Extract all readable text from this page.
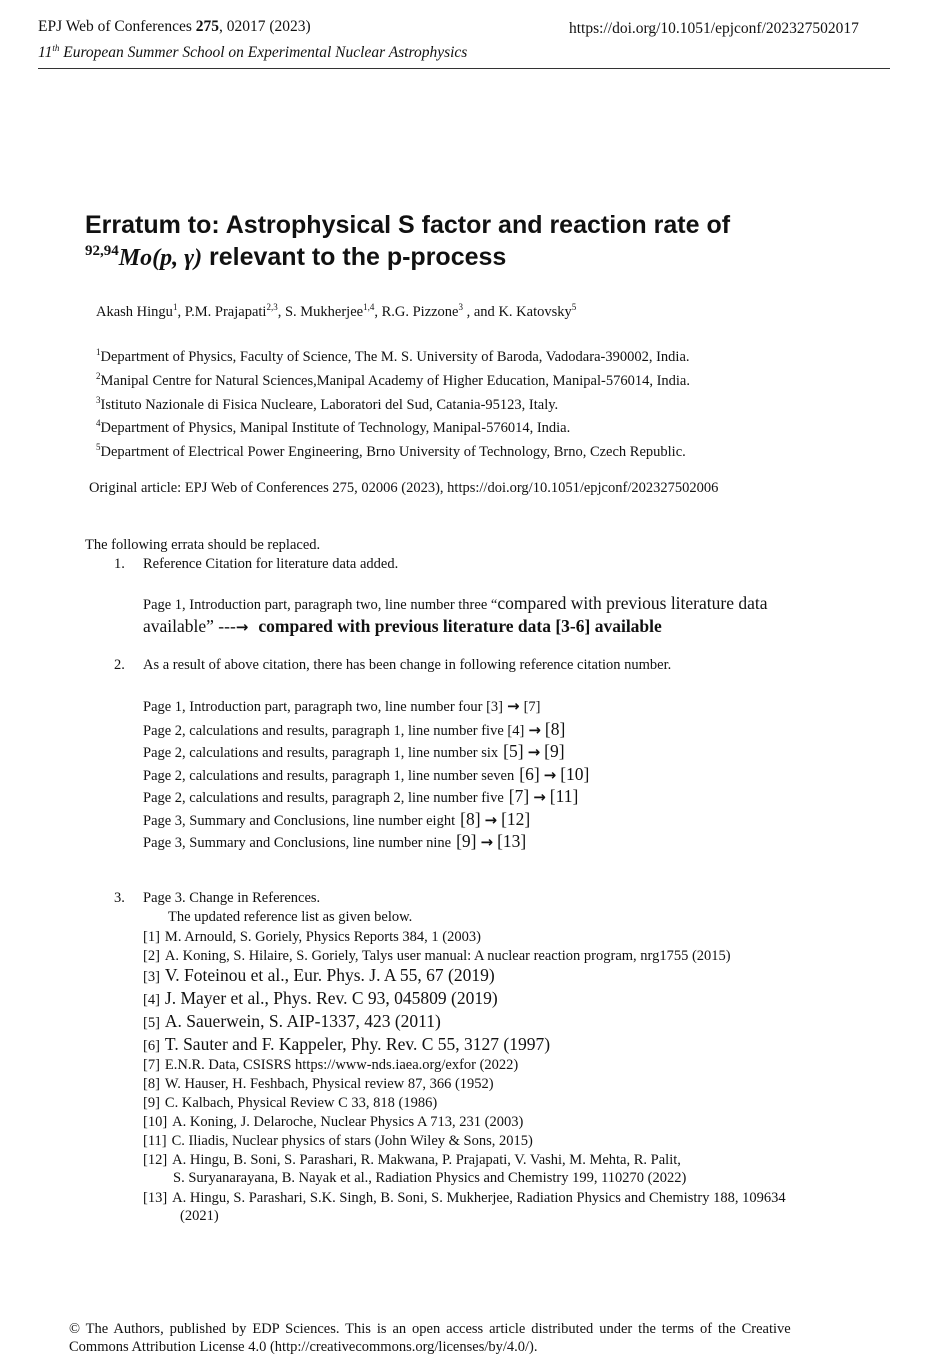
EPJ Web of Conferences 275, 02017 (2023)	https://doi.org/10.1051/epjconf/202327502017
11th European Summer School on Experimental Nuclear Astrophysics
Erratum to: Astrophysical S factor and reaction rate of
$^{92,94}$Mo(p, γ) relevant to the p-process
Akash Hingu$^1$, P.M. Prajapati$^{2,3}$, S. Mukherjee$^{1,4}$, R.G. Pizzone$^3$ , and K. Katovsky$^5$
$^1$Department of Physics, Faculty of Science, The M. S. University of Baroda, Vadodara-390002, India.
$^2$Manipal Centre for Natural Sciences,Manipal Academy of Higher Education, Manipal-576014, India.
$^3$Istituto Nazionale di Fisica Nucleare, Laboratori del Sud, Catania-95123, Italy.
$^4$Department of Physics, Manipal Institute of Technology, Manipal-576014, India.
$^5$Department of Electrical Power Engineering, Brno University of Technology, Brno, Czech Republic.
Original article: EPJ Web of Conferences 275, 02006 (2023), https://doi.org/10.1051/epjconf/202327502006
The following errata should be replaced.
1. Reference Citation for literature data added.
Page 1, Introduction part, paragraph two, line number three “compared with previous literature data
available” ---→ compared with previous literature data [3-6] available
2. As a result of above citation, there has been change in following reference citation number.
Page 1, Introduction part, paragraph two, line number four [3] → [7]
Page 2, calculations and results, paragraph 1, line number five [4] → [8]
Page 2, calculations and results, paragraph 1, line number six [5] → [9]
Page 2, calculations and results, paragraph 1, line number seven [6] → [10]
Page 2, calculations and results, paragraph 2, line number five [7] → [11]
Page 3, Summary and Conclusions, line number eight [8] → [12]
Page 3, Summary and Conclusions, line number nine [9] → [13]
3. Page 3. Change in References.
The updated reference list as given below.
[1] M. Arnould, S. Goriely, Physics Reports 384, 1 (2003)
[2] A. Koning, S. Hilaire, S. Goriely, Talys user manual: A nuclear reaction program, nrg1755 (2015)
[3] V. Foteinou et al., Eur. Phys. J. A 55, 67 (2019)
[4] J. Mayer et al., Phys. Rev. C 93, 045809 (2019)
[5] A. Sauerwein, S. AIP-1337, 423 (2011)
[6] T. Sauter and F. Kappeler, Phy. Rev. C 55, 3127 (1997)
[7] E.N.R. Data, CSISRS https://www-nds.iaea.org/exfor (2022)
[8] W. Hauser, H. Feshbach, Physical review 87, 366 (1952)
[9] C. Kalbach, Physical Review C 33, 818 (1986)
[10] A. Koning, J. Delaroche, Nuclear Physics A 713, 231 (2003)
[11] C. Iliadis, Nuclear physics of stars (John Wiley & Sons, 2015)
[12] A. Hingu, B. Soni, S. Parashari, R. Makwana, P. Prajapati, V. Vashi, M. Mehta, R. Palit,
S. Suryanarayana, B. Nayak et al., Radiation Physics and Chemistry 199, 110270 (2022)
[13] A. Hingu, S. Parashari, S.K. Singh, B. Soni, S. Mukherjee, Radiation Physics and Chemistry 188, 109634
(2021)
© The Authors, published by EDP Sciences. This is an open access article distributed under the terms of the Creative
Commons Attribution License 4.0 (http://creativecommons.org/licenses/by/4.0/).
